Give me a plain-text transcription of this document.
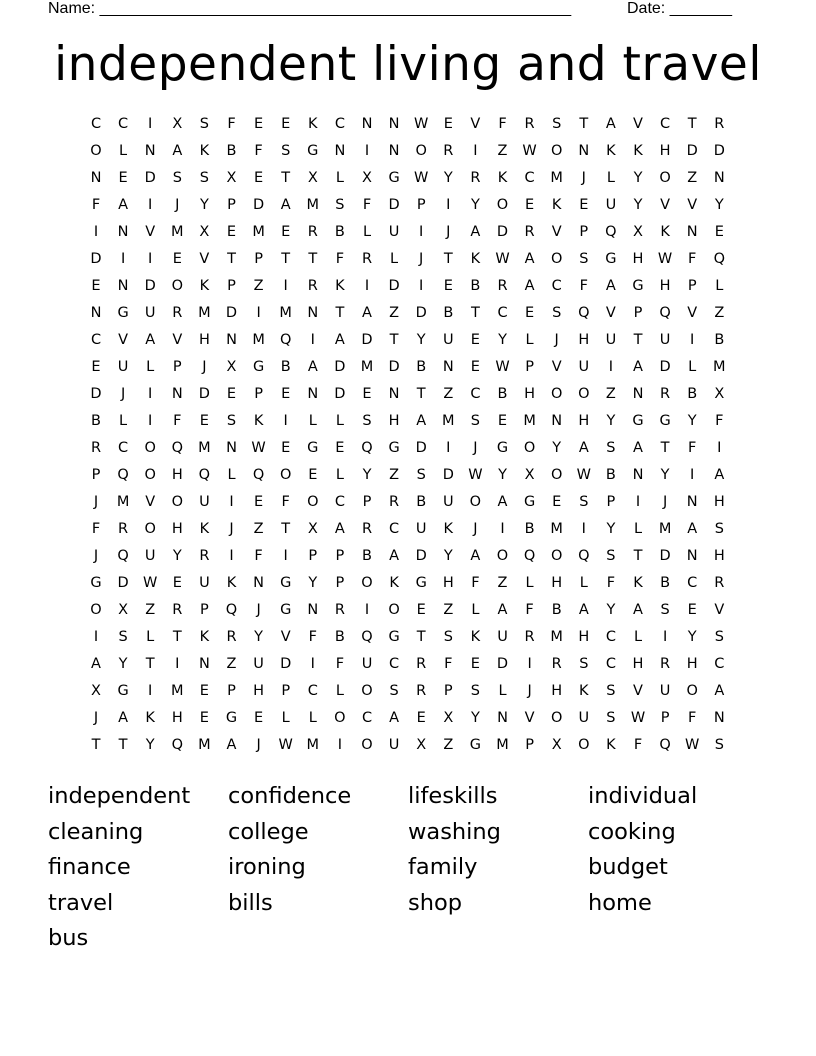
Name: _____________________________________________________	Date: _______
independent living and travel
C	C	I	X	S	F	E	E	K	C	N	N	W	E	V	F	R	S	T	A	V	C	T	R
O	L	N	A	K	B	F	S	G	N	I	N	O	R	I	Z	W O	N	K	K	H	D	D
N	E	D	S	S	X	E	T	X	L	X	G W	Y	R	K	C	M	J	L	Y	O	Z	N
F	A	I	J	Y	P	D	A	M	S	F	D	P	I	Y	O	E	K	E	U	Y	V	V	Y
I	N	V	M	X	E	M	E	R	B	L	U	I	J	A	D	R	V	P	Q	X	K	N	E
D	I	I	E	V	T	P	T	T	F	R	L	J	T	K	W	A	O	S	G	H W	F	Q
E	N	D	O	K	P	Z	I	R	K	I	D	I	E	B	R	A	C	F	A	G	H	P	L
N	G	U	R	M	D	I	M	N	T	A	Z	D	B	T	C	E	S	Q	V	P	Q	V	Z
C	V	A	V	H	N	M	Q	I	A	D	T	Y	U	E	Y	L	J	H	U	T	U	I	B
E	U	L	P	J	X	G	B	A	D	M	D	B	N	E	W	P	V	U	I	A	D	L	M
D	J	I	N	D	E	P	E	N	D	E	N	T	Z	C	B	H	O	O	Z	N	R	B	X
B	L	I	F	E	S	K	I	L	L	S	H	A	M	S	E	M	N	H	Y	G	G	Y	F
R	C	O	Q	M	N	W	E	G	E	Q	G	D	I	J	G	O	Y	A	S	A	T	F	I
P	Q	O	H	Q	L	Q	O	E	L	Y	Z	S	D W	Y	X	O W	B	N	Y	I	A
J	M	V	O	U	I	E	F	O	C	P	R	B	U	O	A	G	E	S	P	I	J	N	H
F	R	O	H	K	J	Z	T	X	A	R	C	U	K	J	I	B	M	I	Y	L	M	A	S
J	Q	U	Y	R	I	F	I	P	P	B	A	D	Y	A	O	Q	O	Q	S	T	D	N	H
G	D W	E	U	K	N	G	Y	P	O	K	G	H	F	Z	L	H	L	F	K	B	C	R
O	X	Z	R	P	Q	J	G	N	R	I	O	E	Z	L	A	F	B	A	Y	A	S	E	V
I	S	L	T	K	R	Y	V	F	B	Q	G	T	S	K	U	R	M	H	C	L	I	Y	S
A	Y	T	I	N	Z	U	D	I	F	U	C	R	F	E	D	I	R	S	C	H	R	H	C
X	G	I	M	E	P	H	P	C	L	O	S	R	P	S	L	J	H	K	S	V	U	O	A
J	A	K	H	E	G	E	L	L	O	C	A	E	X	Y	N	V	O	U	S	W	P	F	N
T	T	Y	Q	M	A	J	W M	I	O	U	X	Z	G	M	P	X	O	K	F	Q W	S
independent	confidence	lifeskills	individual
cleaning	college	washing	cooking
finance	ironing	family	budget
travel	bills	shop	home
bus
